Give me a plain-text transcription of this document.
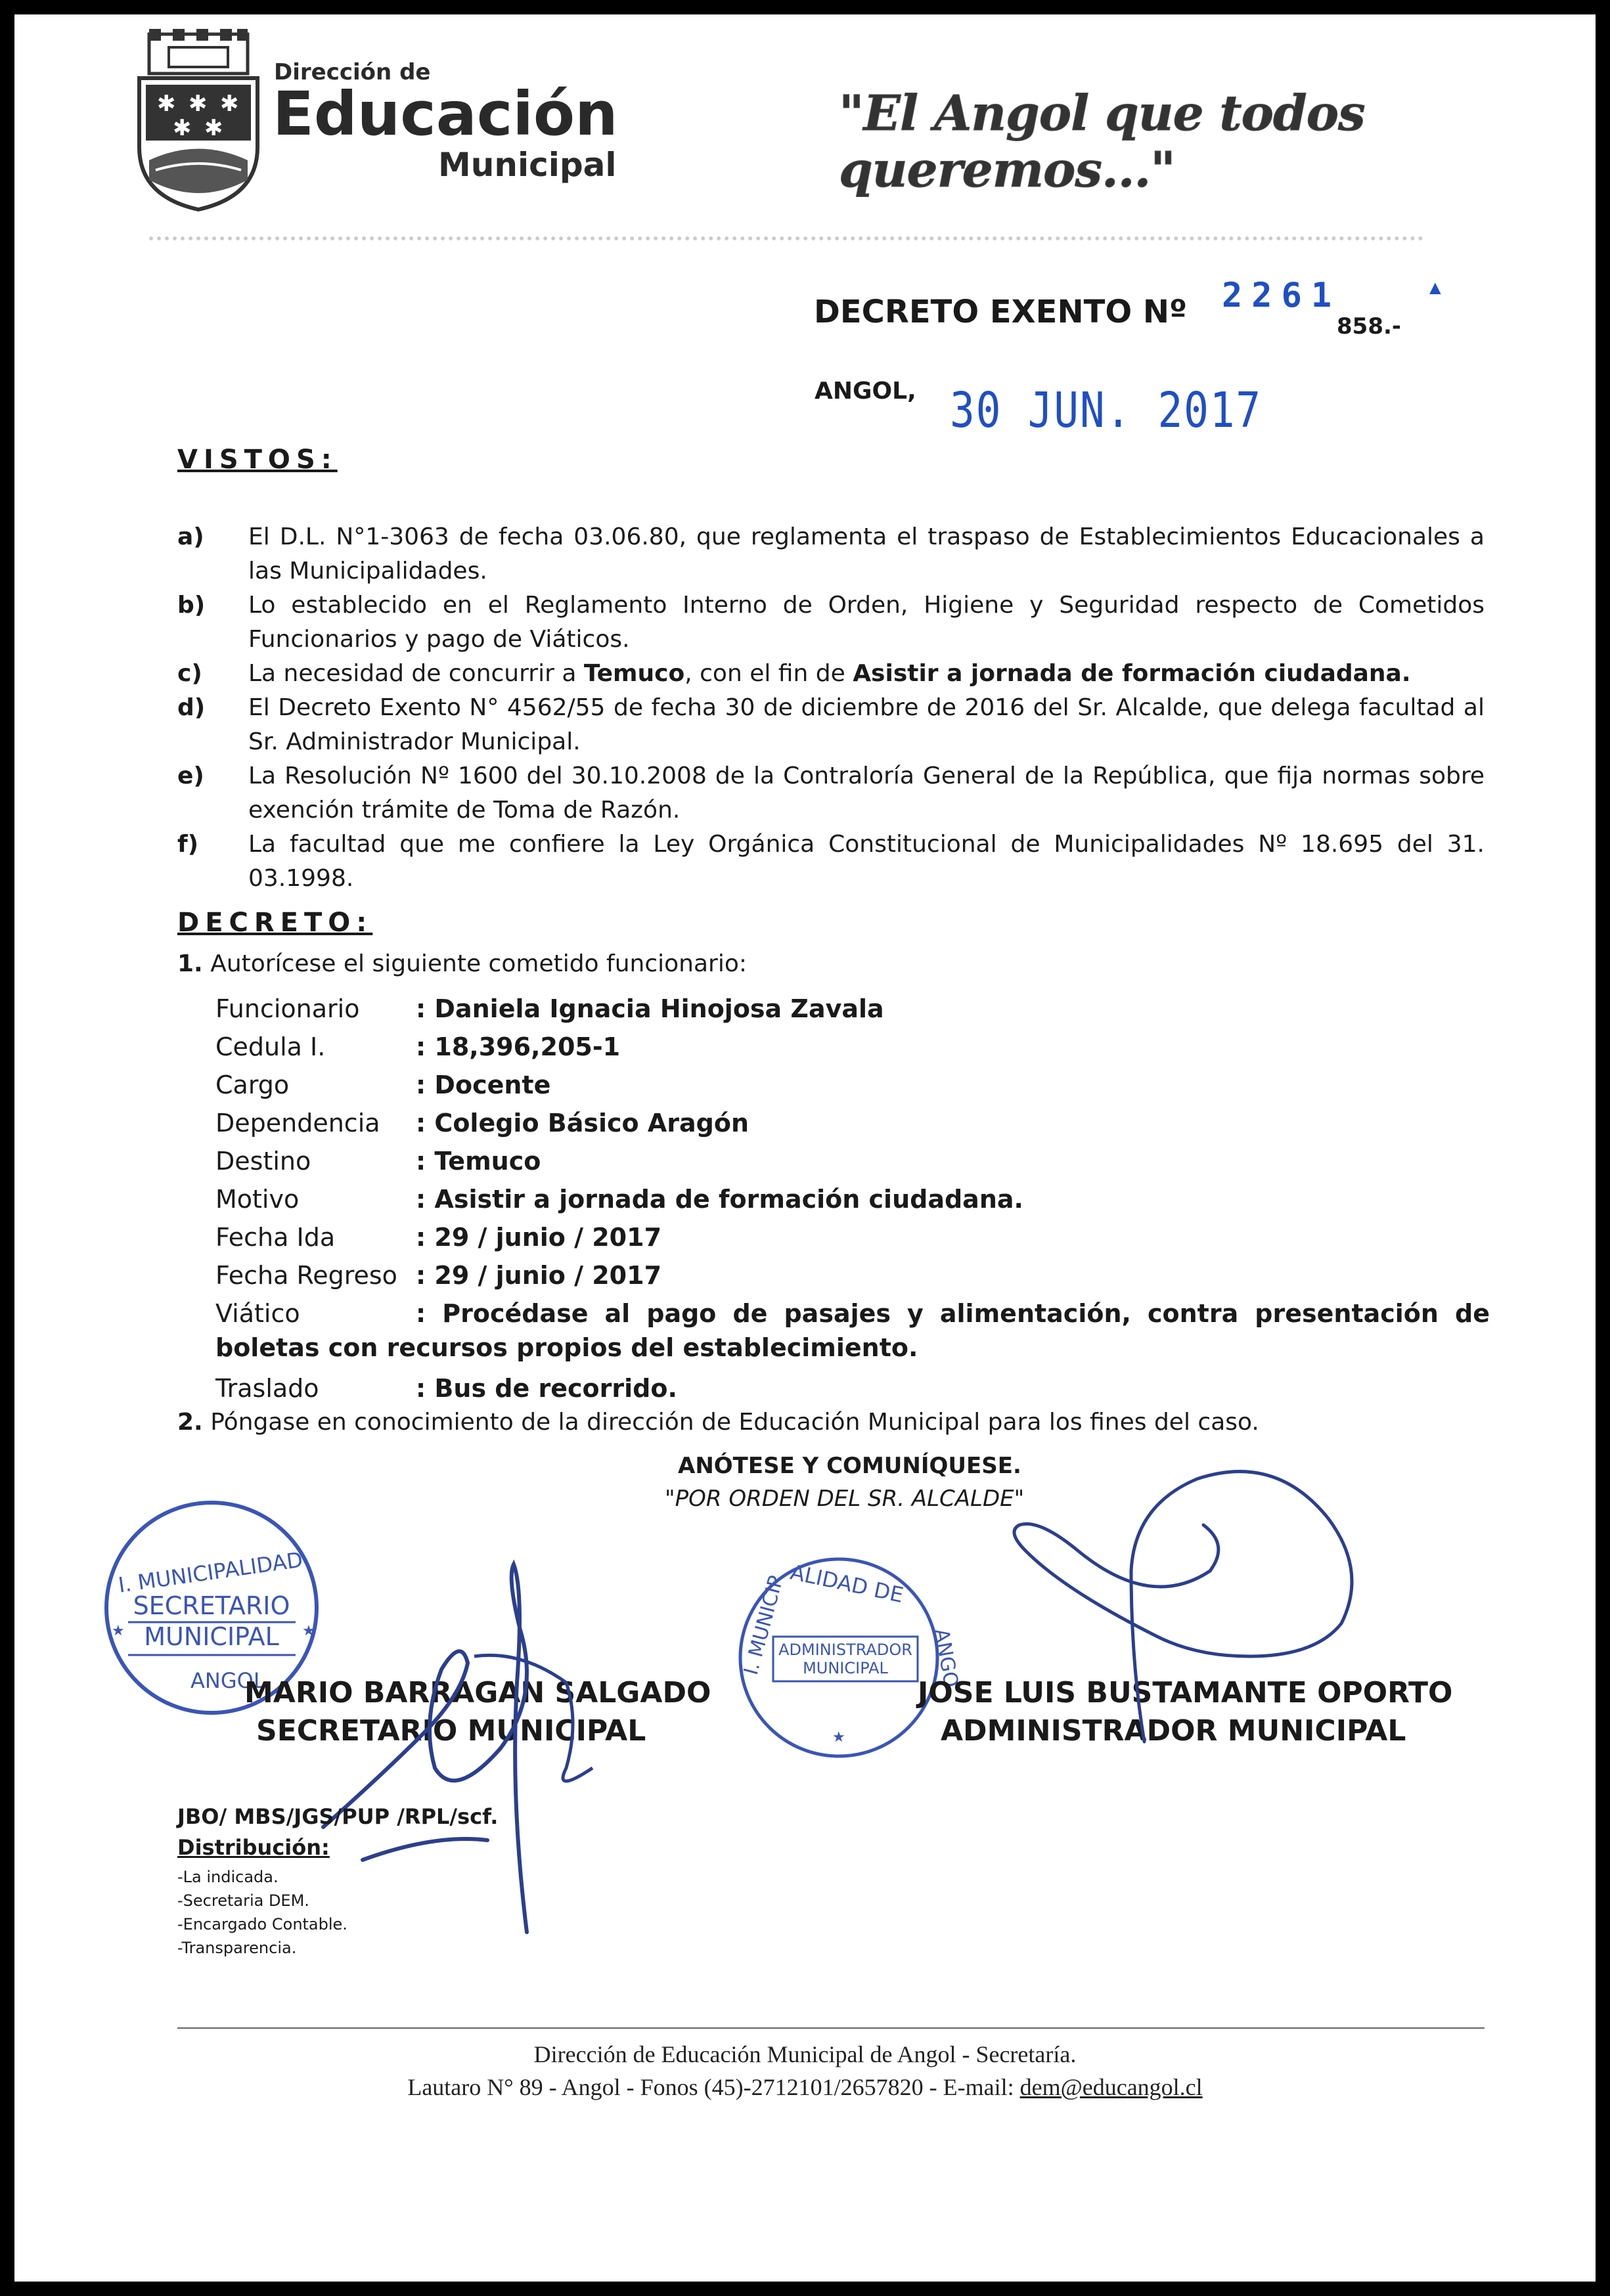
✱ ✱ ✱
✱ ✱
Dirección de
Educación
Municipal
"El Angol que todos queremos..."
DECRETO EXENTO Nº 2261
858.-
▲
ANGOL, 30 JUN. 2017
VISTOS:
a)	El D.L. N°1-3063 de fecha 03.06.80, que reglamenta el traspaso de Establecimientos Educacionales a las Municipalidades.
b)	Lo establecido en el Reglamento Interno de Orden, Higiene y Seguridad respecto de Cometidos Funcionarios y pago de Viáticos.
c)	La necesidad de concurrir a Temuco, con el fin de Asistir a jornada de formación ciudadana.
d)	El Decreto Exento N° 4562/55 de fecha 30 de diciembre de 2016 del Sr. Alcalde, que delega facultad al Sr. Administrador Municipal.
e)	La Resolución Nº 1600 del 30.10.2008 de la Contraloría General de la República, que fija normas sobre exención trámite de Toma de Razón.
f)	La facultad que me confiere la Ley Orgánica Constitucional de Municipalidades Nº 18.695 del 31. 03.1998.
DECRETO:
1. Autorícese el siguiente cometido funcionario:
Funcionario : Daniela Ignacia Hinojosa Zavala
Cedula I.	: 18,396,205-1
Cargo	: Docente
Dependencia : Colegio Básico Aragón
Destino	: Temuco
Motivo	: Asistir a jornada de formación ciudadana.
Fecha Ida	: 29 / junio / 2017
Fecha Regreso : 29 / junio / 2017
Viático	: Procédase al pago de pasajes y alimentación, contra presentación de boletas con recursos propios del establecimiento.
Traslado	: Bus de recorrido.
2. Póngase en conocimiento de la dirección de Educación Municipal para los fines del caso.
ANÓTESE Y COMUNÍQUESE.
"POR ORDEN DEL SR. ALCALDE"
I. MUNICIPALIDAD
SECRETARIO
MUNICIPAL
★	★
ANGOL
ALIDAD DE
I. MUNICIP	ANGO
ADMINISTRADOR
MUNICIPAL
★
MARIO BARRAGAN SALGADO
SECRETARIO MUNICIPAL
JOSE LUIS BUSTAMANTE OPORTO
ADMINISTRADOR MUNICIPAL
JBO/ MBS/JGS/PUP /RPL/scf.
Distribución:
-La indicada.
-Secretaria DEM.
-Encargado Contable.
-Transparencia.
Dirección de Educación Municipal de Angol - Secretaría.
Lautaro N° 89 - Angol - Fonos (45)-2712101/2657820 - E-mail: dem@educangol.cl
